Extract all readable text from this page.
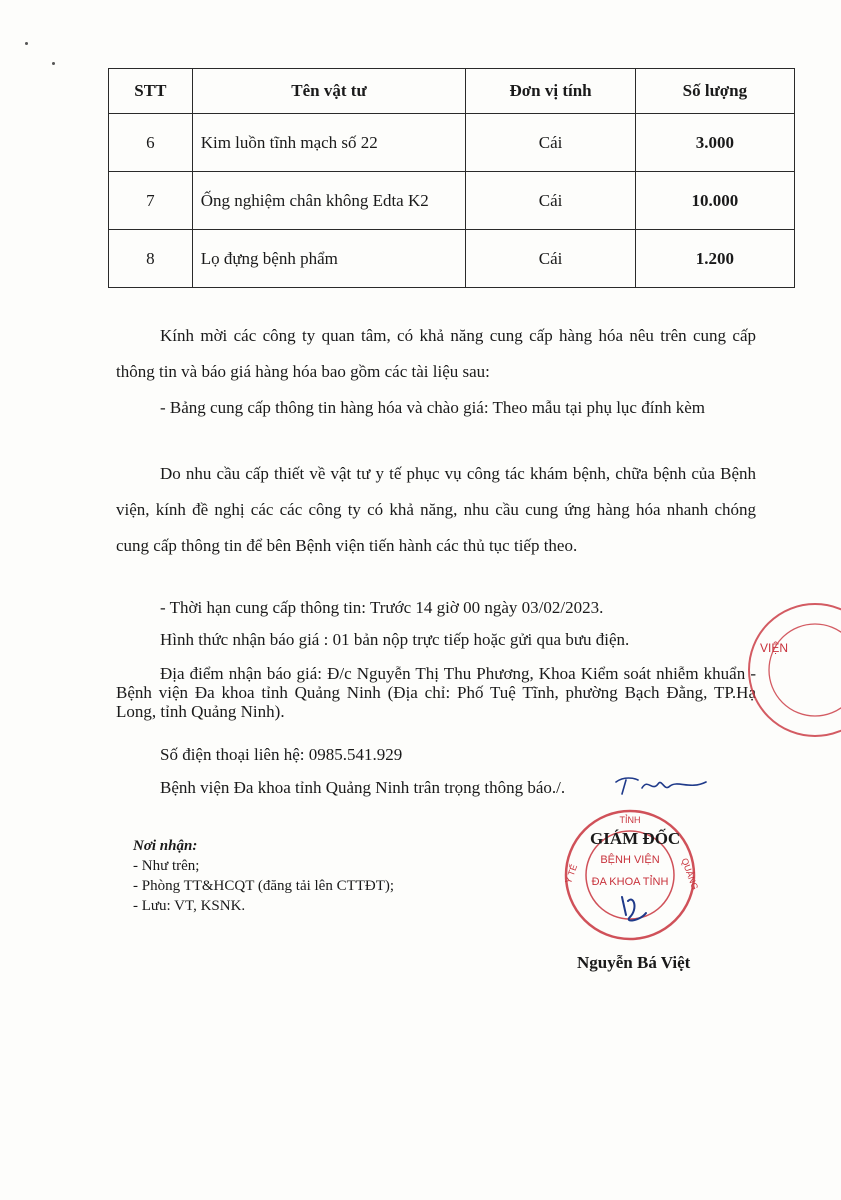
STT	Tên vật tư	Đơn vị tính	Số lượng
6	Kim luồn tĩnh mạch số 22	Cái	3.000
7	Ống nghiệm chân không Edta K2	Cái	10.000
8	Lọ đựng bệnh phẩm	Cái	1.200

Kính mời các công ty quan tâm, có khả năng cung cấp hàng hóa nêu trên cung cấp thông tin và báo giá hàng hóa bao gồm các tài liệu sau:

- Bảng cung cấp thông tin hàng hóa và chào giá: Theo mẫu tại phụ lục đính kèm

Do nhu cầu cấp thiết về vật tư y tế phục vụ công tác khám bệnh, chữa bệnh của Bệnh viện, kính đề nghị các các công ty có khả năng, nhu cầu cung ứng hàng hóa nhanh chóng cung cấp thông tin để bên Bệnh viện tiến hành các thủ tục tiếp theo.

- Thời hạn cung cấp thông tin: Trước 14 giờ 00 ngày 03/02/2023.

Hình thức nhận báo giá : 01 bản nộp trực tiếp hoặc gửi qua bưu điện.

Địa điểm nhận báo giá: Đ/c Nguyễn Thị Thu Phương, Khoa Kiểm soát nhiễm khuẩn - Bệnh viện Đa khoa tỉnh Quảng Ninh (Địa chỉ: Phố Tuệ Tĩnh, phường Bạch Đằng, TP.Hạ Long, tỉnh Quảng Ninh).

Số điện thoại liên hệ: 0985.541.929

Bệnh viện Đa khoa tỉnh Quảng Ninh trân trọng thông báo./.

Nơi nhận:
- Như trên;
- Phòng TT&HCQT (đăng tải lên CTTĐT);
- Lưu: VT, KSNK.
TỈNH
Y TẾ	QUẢNG
BỆNH VIỆN
ĐA KHOA TỈNH
VIỆN
GIÁM ĐỐC
Nguyễn Bá Việt
